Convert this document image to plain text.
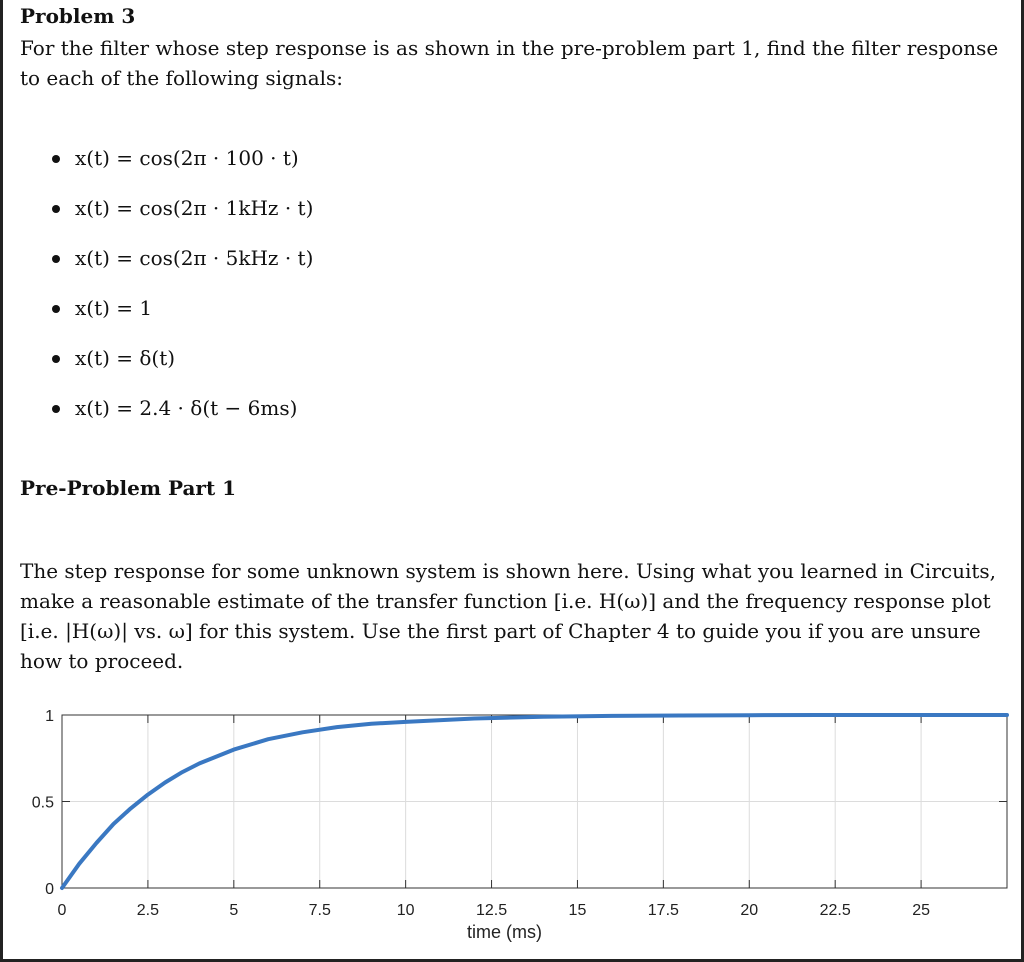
Problem 3
For the filter whose step response is as shown in the pre-problem part 1, find the filter response to each of the following signals:
x(t) = cos(2π · 100 · t)
x(t) = cos(2π · 1kHz · t)
x(t) = cos(2π · 5kHz · t)
x(t) = 1
x(t) = δ(t)
x(t) = 2.4 · δ(t − 6ms)
Pre-Problem Part 1
The step response for some unknown system is shown here. Using what you learned in Circuits, make a reasonable estimate of the transfer function [i.e. H(ω)] and the frequency response plot [i.e. |H(ω)| vs. ω] for this system. Use the first part of Chapter 4 to guide you if you are unsure how to proceed.
0	2.5	5	7.5	10	12.5	15	17.5	20	22.5	25
0
0.5
1
time (ms)
